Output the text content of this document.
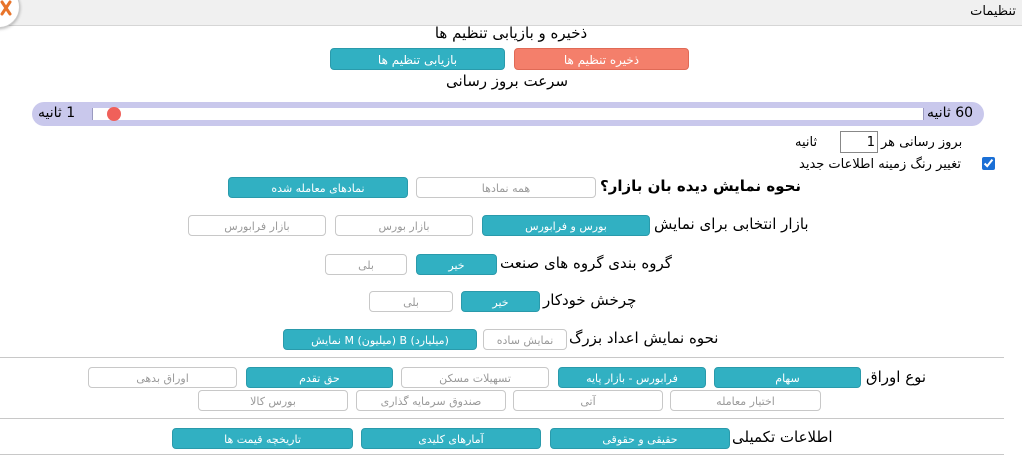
تنظیمات
ذخیره و بازیابی تنظیم ها
ذخیره تنظیم ها
بازیابی تنظیم ها
سرعت بروز رسانی
60 ثانیه
1 ثانیه
بروز رسانی هر
1
ثانیه
تغییر رنگ زمینه اطلاعات جدید
نحوه نمایش دیده بان بازار؟
نمادهای معامله شده	همه نمادها
بازار انتخابی برای نمایش
بورس و فرابورس
بازار بورس
بازار فرابورس
گروه بندی گروه های صنعت
خیر
بلی
چرخش خودکار
خیر
بلی
نحوه نمایش اعداد بزرگ
نمایش M (میلیون) B (میلیارد)	نمایش ساده
نوع اوراق
سهام
فرابورس - بازار پایه
تسهیلات مسکن
حق تقدم
اوراق بدهی
اختیار معامله
آتی
صندوق سرمایه گذاری
بورس کالا
اطلاعات تکمیلی
حقیقی و حقوقی
آمارهای کلیدی
تاریخچه قیمت ها
